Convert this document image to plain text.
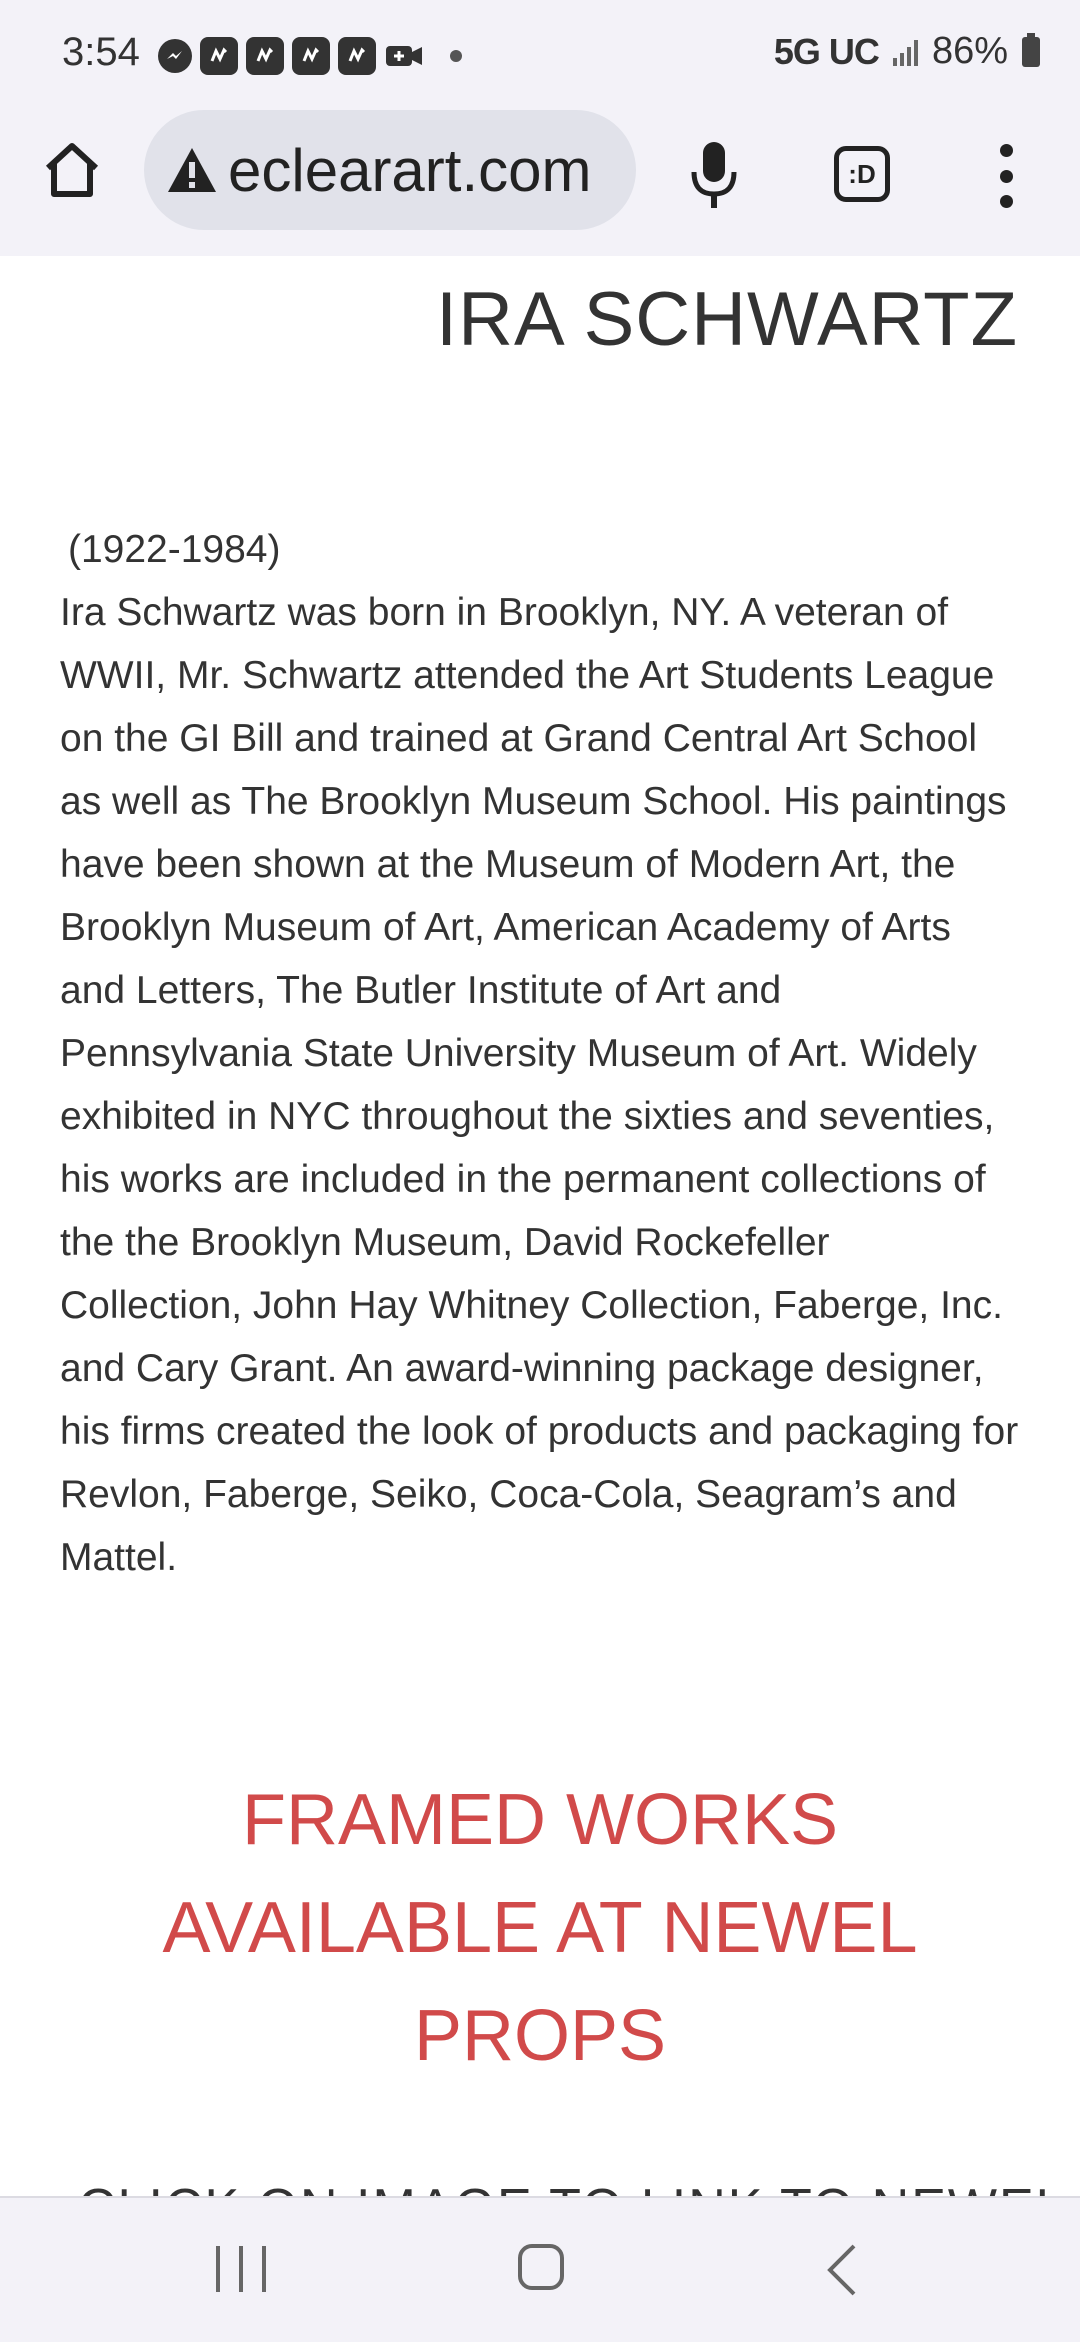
3:54	5G UC 86%
eclearart.com	:D
IRA SCHWARTZ

(1922-1984)

Ira Schwartz was born in Brooklyn, NY. A veteran of WWII, Mr. Schwartz attended the Art Students League on the GI Bill and trained at Grand Central Art School as well as The Brooklyn Museum School. His paintings have been shown at the Museum of Modern Art, the Brooklyn Museum of Art, American Academy of Arts and Letters, The Butler Institute of Art and Pennsylvania State University Museum of Art. Widely exhibited in NYC throughout the sixties and seventies, his works are included in the permanent collections of the the Brooklyn Museum, David Rockefeller Collection, John Hay Whitney Collection, Faberge, Inc. and Cary Grant. An award-winning package designer, his firms created the look of products and packaging for Revlon, Faberge, Seiko, Coca-Cola, Seagram’s and Mattel.

FRAMED WORKS AVAILABLE AT NEWEL PROPS
